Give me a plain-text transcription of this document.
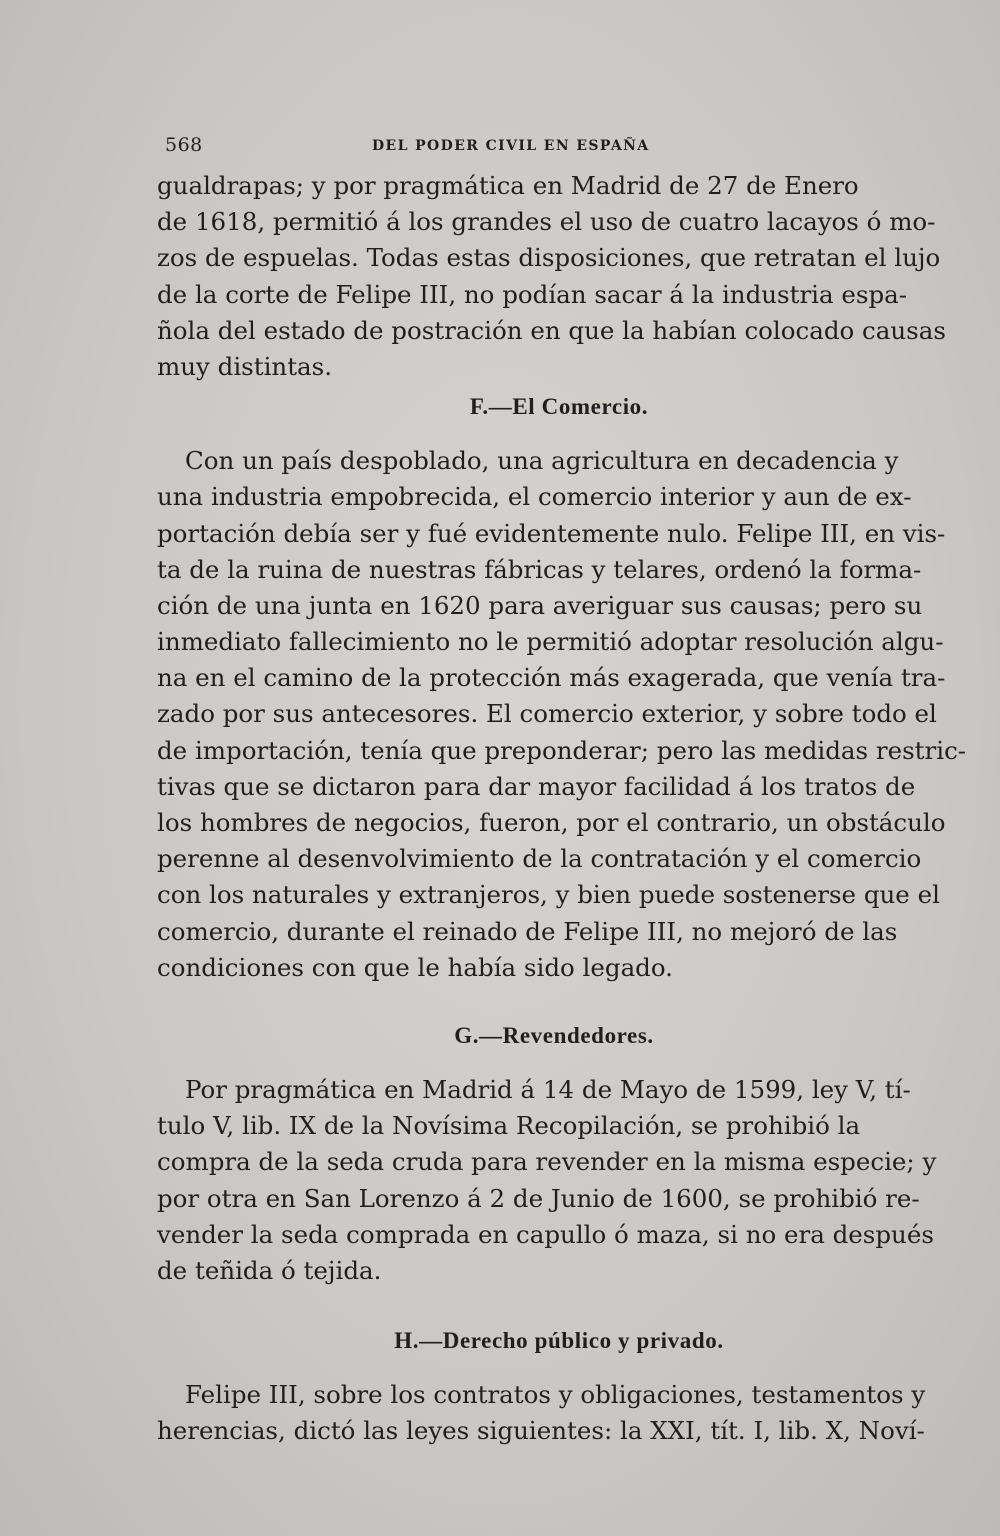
568	DEL PODER CIVIL EN ESPAÑA
gualdrapas; y por pragmática en Madrid de 27 de Enero
de 1618, permitió á los grandes el uso de cuatro lacayos ó mo-
zos de espuelas. Todas estas disposiciones, que retratan el lujo
de la corte de Felipe III, no podían sacar á la industria espa-
ñola del estado de postración en que la habían colocado causas
muy distintas.
F.—El Comercio.
Con un país despoblado, una agricultura en decadencia y
una industria empobrecida, el comercio interior y aun de ex-
portación debía ser y fué evidentemente nulo. Felipe III, en vis-
ta de la ruina de nuestras fábricas y telares, ordenó la forma-
ción de una junta en 1620 para averiguar sus causas; pero su
inmediato fallecimiento no le permitió adoptar resolución algu-
na en el camino de la protección más exagerada, que venía tra-
zado por sus antecesores. El comercio exterior, y sobre todo el
de importación, tenía que preponderar; pero las medidas restric-
tivas que se dictaron para dar mayor facilidad á los tratos de
los hombres de negocios, fueron, por el contrario, un obstáculo
perenne al desenvolvimiento de la contratación y el comercio
con los naturales y extranjeros, y bien puede sostenerse que el
comercio, durante el reinado de Felipe III, no mejoró de las
condiciones con que le había sido legado.
G.—Revendedores.
Por pragmática en Madrid á 14 de Mayo de 1599, ley V, tí-
tulo V, lib. IX de la Novísima Recopilación, se prohibió la
compra de la seda cruda para revender en la misma especie; y
por otra en San Lorenzo á 2 de Junio de 1600, se prohibió re-
vender la seda comprada en capullo ó maza, si no era después
de teñida ó tejida.
H.—Derecho público y privado.
Felipe III, sobre los contratos y obligaciones, testamentos y
herencias, dictó las leyes siguientes: la XXI, tít. I, lib. X, Noví-
